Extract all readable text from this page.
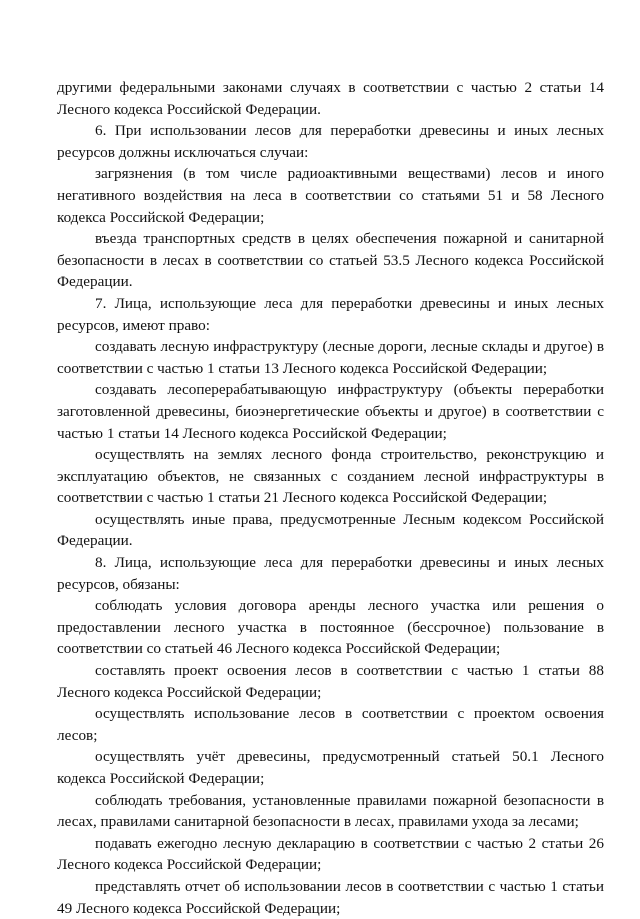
другими федеральными законами случаях в соответствии с частью 2 статьи 14 Лесного кодекса Российской Федерации.

6. При использовании лесов для переработки древесины и иных лесных ресурсов должны исключаться случаи:

загрязнения (в том числе радиоактивными веществами) лесов и иного негативного воздействия на леса в соответствии со статьями 51 и 58 Лесного кодекса Российской Федерации;

въезда транспортных средств в целях обеспечения пожарной и санитарной безопасности в лесах в соответствии со статьей 53.5 Лесного кодекса Российской Федерации.

7. Лица, использующие леса для переработки древесины и иных лесных ресурсов, имеют право:

создавать лесную инфраструктуру (лесные дороги, лесные склады и другое) в соответствии с частью 1 статьи 13 Лесного кодекса Российской Федерации;

создавать лесоперерабатывающую инфраструктуру (объекты переработки заготовленной древесины, биоэнергетические объекты и другое) в соответствии с частью 1 статьи 14 Лесного кодекса Российской Федерации;

осуществлять на землях лесного фонда строительство, реконструкцию и эксплуатацию объектов, не связанных с созданием лесной инфраструктуры в соответствии с частью 1 статьи 21 Лесного кодекса Российской Федерации;

осуществлять иные права, предусмотренные Лесным кодексом Российской Федерации.

8. Лица, использующие леса для переработки древесины и иных лесных ресурсов, обязаны:

соблюдать условия договора аренды лесного участка или решения о предоставлении лесного участка в постоянное (бессрочное) пользование в соответствии со статьей 46 Лесного кодекса Российской Федерации;

составлять проект освоения лесов в соответствии с частью 1 статьи 88 Лесного кодекса Российской Федерации;

осуществлять использование лесов в соответствии с проектом освоения лесов;

осуществлять учёт древесины, предусмотренный статьей 50.1 Лесного кодекса Российской Федерации;

соблюдать требования, установленные правилами пожарной безопасности в лесах, правилами санитарной безопасности в лесах, правилами ухода за лесами;

подавать ежегодно лесную декларацию в соответствии с частью 2 статьи 26 Лесного кодекса Российской Федерации;

представлять отчет об использовании лесов в соответствии с частью 1 статьи 49 Лесного кодекса Российской Федерации;
